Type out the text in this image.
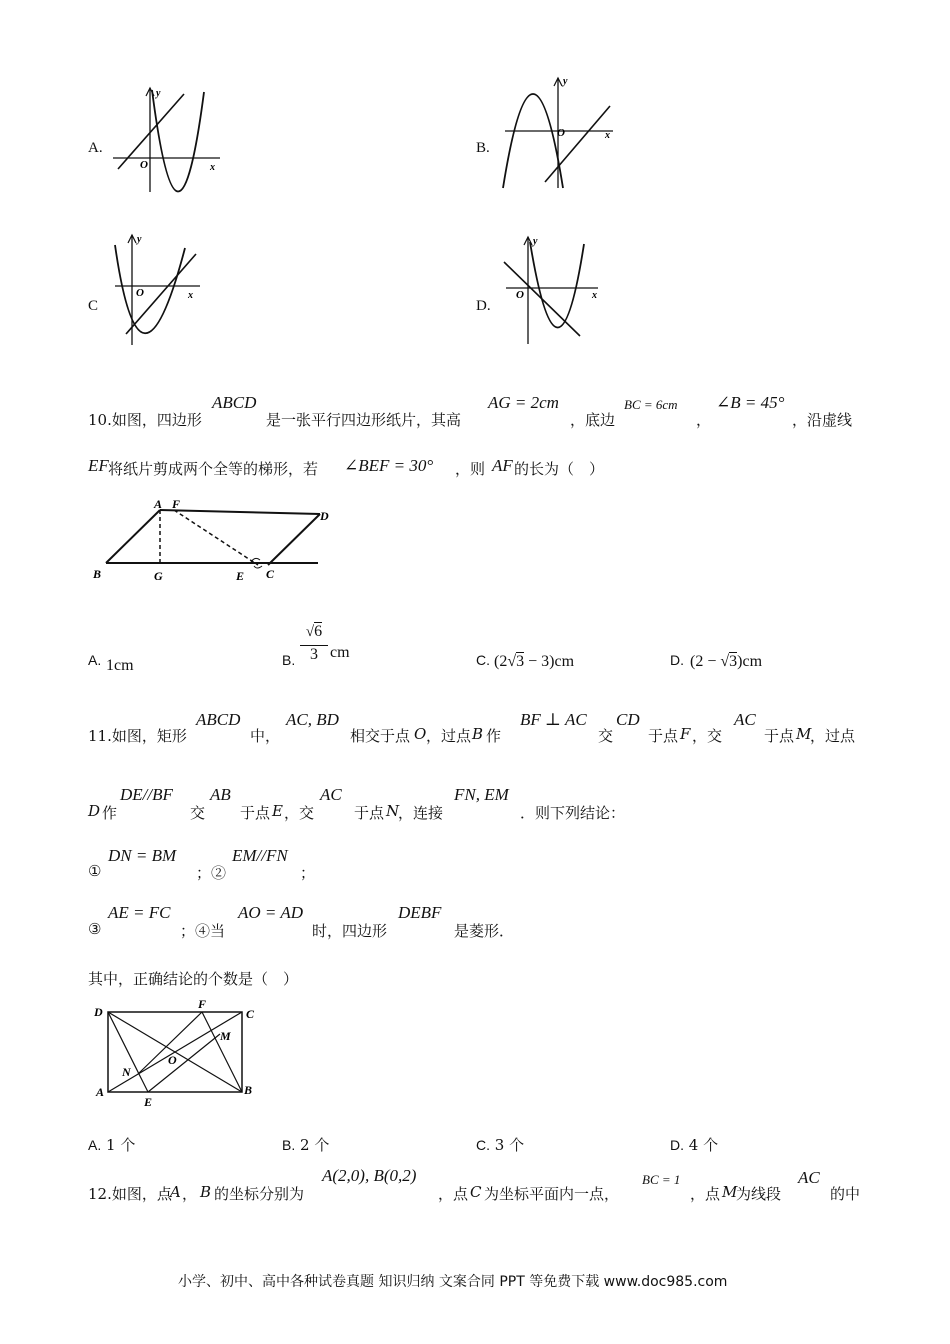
A.
y
O	x
B.
y
O	x
C
y
O	x
D.
y
O	x
10.如图，四边形
ABCD
是一张平行四边形纸片，其高
AG = 2cm
，底边
BC = 6cm
，
∠B = 45°
，沿虚线
EF 将纸片剪成两个全等的梯形，若 ∠BEF = 30° ，则 AF 的长为（　）
A F
D
B	G	E C
A. 1cm	B.
√6
3 cm	C. (2√3 − 3)cm	D. (2 − √3)cm
11.如图，矩形
ABCD
中，
AC, BD
相交于点 O ，过点 B 作
BF ⊥ AC
交
CD
于点 F ，交
AC
于点 M
，过点
D 作
DE//BF
交
AB
于点 E ，交
AC
于点 N
，连接
FN, EM
．则下列结论：
①
DN = BM
；②
EM//FN
；
③
AE = FC
；④当
AO = AD
时，四边形
DEBF
是菱形．
其中，正确结论的个数是（　）
D
F
C
M
O
N
A
E
B
A. 1 个	B. 2 个	C. 3 个	D. 4 个
12.如图，点
A ， B 的坐标分别为
A(2,0), B(0,2)
，点 C 为坐标平面内一点，
BC = 1
，点 M
为线段
AC
的中
小学、初中、高中各种试卷真题 知识归纳 文案合同 PPT 等免费下载 www.doc985.com
